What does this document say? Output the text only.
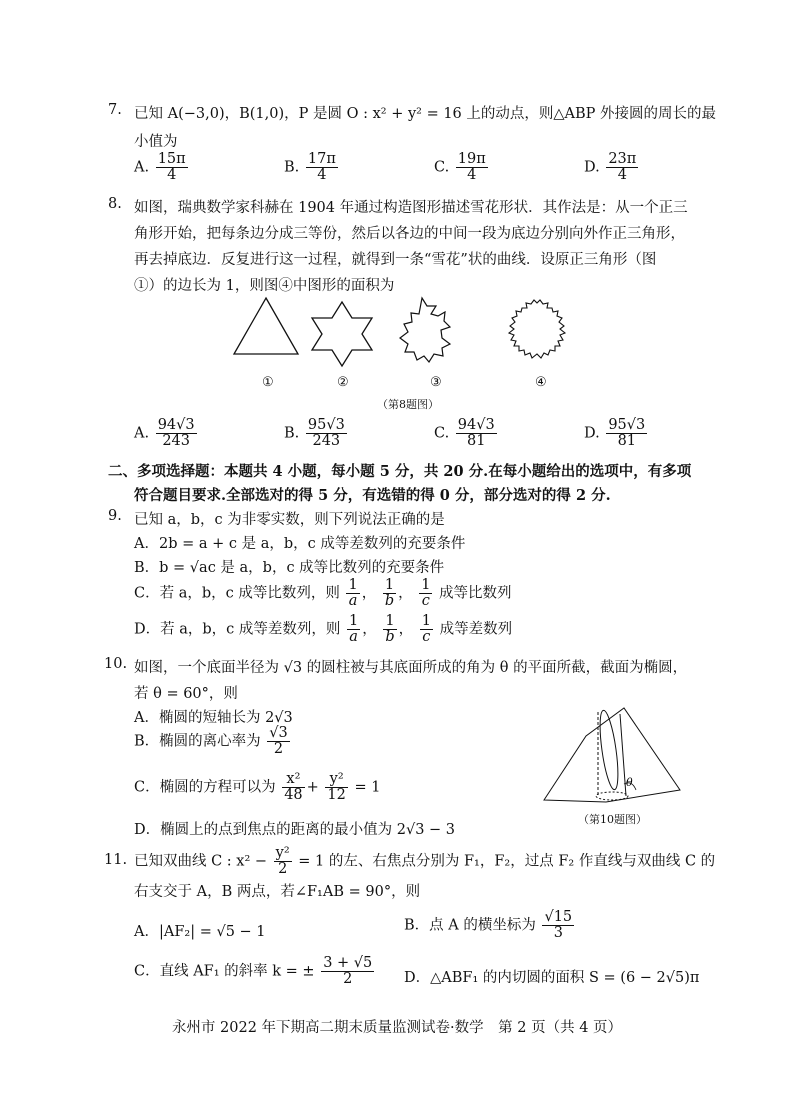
7. 已知 A(−3,0)，B(1,0)，P 是圆 O : x² + y² = 16 上的动点，则△ABP 外接圆的周长的最
小值为
A. $\frac{15\pi}{4}$	B. $\frac{17\pi}{4}$	C. $\frac{19\pi}{4}$	D. $\frac{23\pi}{4}$
8. 如图，瑞典数学家科赫在 1904 年通过构造图形描述雪花形状．其作法是：从一个正三
角形开始，把每条边分成三等份，然后以各边的中间一段为底边分别向外作正三角形，
再去掉底边．反复进行这一过程，就得到一条“雪花”状的曲线．设原正三角形（图
①）的边长为 1，则图④中图形的面积为
①	②	③	④
（第8题图）
A. $\frac{94√3}{243}$	B. $\frac{95√3}{243}$	C. $\frac{94√3}{81}$	D. $\frac{95√3}{81}$
二、多项选择题：本题共 4 小题，每小题 5 分，共 20 分.在每小题给出的选项中，有多项
符合题目要求.全部选对的得 5 分，有选错的得 0 分，部分选对的得 2 分.
9. 已知 a，b，c 为非零实数，则下列说法正确的是
A．2b = a + c 是 a，b，c 成等差数列的充要条件
B．b = √ac 是 a，b，c 成等比数列的充要条件
C．若 a，b，c 成等比数列，则 $\frac{1}{a}$ ， $\frac{1}{b}$ ， $\frac{1}{c}$ 成等比数列
D．若 a，b，c 成等差数列，则 $\frac{1}{a}$ ， $\frac{1}{b}$ ， $\frac{1}{c}$ 成等差数列
10. 如图，一个底面半径为 √3 的圆柱被与其底面所成的角为 θ 的平面所截，截面为椭圆，
若 θ = 60°，则
A．椭圆的短轴长为 2√3
B．椭圆的离心率为 $\frac{√3}{2}$
C．椭圆的方程可以为 $\frac{\text{x²}}{48} + \frac{\text{y²}}{12} = 1$
D．椭圆上的点到焦点的距离的最小值为 2√3 − 3
θ
（第10题图）
11. 已知双曲线 C : $x^2 - \frac{\text{y²}}{2} = 1$ 的左、右焦点分别为 F₁，F₂，过点 F₂ 作直线与双曲线 C 的
右支交于 A，B 两点，若∠F₁AB = 90°，则
A．|AF₂| = √5 − 1	B．点 A 的横坐标为 $\frac{√15}{3}$
C．直线 AF₁ 的斜率 k = ± $\frac{3 + √5}{2}$ D．△ABF₁ 的内切圆的面积 S = (6 − 2√5)π
永州市 2022 年下期高二期末质量监测试卷·数学　第 2 页（共 4 页）
